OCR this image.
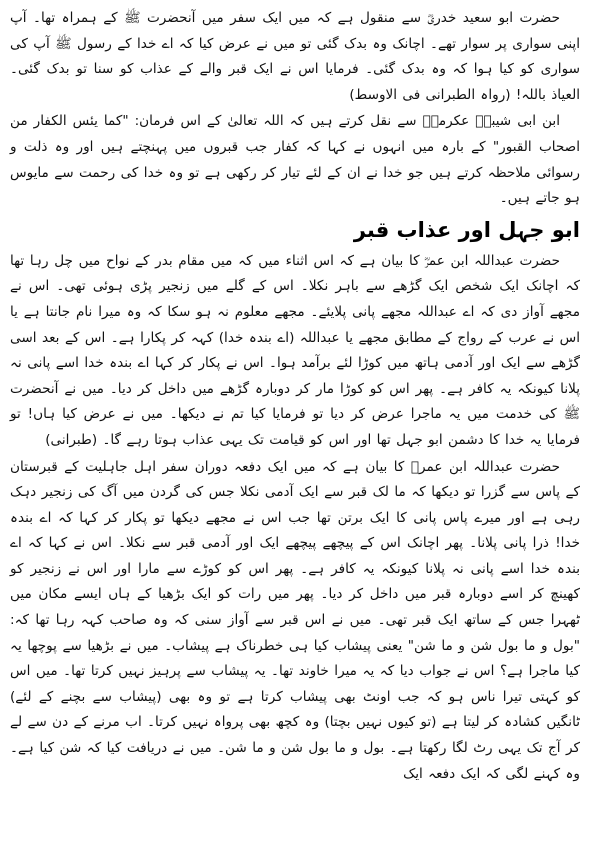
حضرت ابو سعید خدریؓ سے منقول ہے کہ میں ایک سفر میں آنحضرت ﷺ کے ہمراہ تھا۔ آپ اپنی سواری پر سوار تھے۔ اچانک وہ بدک گئی تو میں نے عرض کیا کہ اے خدا کے رسول ﷺ آپ کی سواری کو کیا ہوا کہ وہ بدک گئی۔ فرمایا اس نے ایک قبر والے کے عذاب کو سنا تو بدک گئی۔ العیاذ باللہ! (رواہ الطبرانی فی الاوسط)

ابن ابی شیبہؒ عکرمہؒ سے نقل کرتے ہیں کہ اللہ تعالیٰ کے اس فرمان: "کما یئس الکفار من اصحاب القبور" کے بارہ میں انہوں نے کہا کہ کفار جب قبروں میں پہنچتے ہیں اور وہ ذلت و رسوائی ملاحظہ کرتے ہیں جو خدا نے ان کے لئے تیار کر رکھی ہے تو وہ خدا کی رحمت سے مایوس ہو جاتے ہیں۔

ابو جہل اور عذاب قبر

حضرت عبداللہ ابن عمرؓ کا بیان ہے کہ اس اثناء میں کہ میں مقام بدر کے نواح میں چل رہا تھا کہ اچانک ایک شخص ایک گڑھے سے باہر نکلا۔ اس کے گلے میں زنجیر پڑی ہوئی تھی۔ اس نے مجھے آواز دی کہ اے عبداللہ مجھے پانی پلایئے۔ مجھے معلوم نہ ہو سکا کہ وہ میرا نام جانتا ہے یا اس نے عرب کے رواج کے مطابق مجھے یا عبداللہ (اے بندہ خدا) کہہ کر پکارا ہے۔ اس کے بعد اسی گڑھے سے ایک اور آدمی ہاتھ میں کوڑا لئے برآمد ہوا۔ اس نے پکار کر کہا اے بندہ خدا اسے پانی نہ پلانا کیونکہ یہ کافر ہے۔ پھر اس کو کوڑا مار کر دوبارہ گڑھے میں داخل کر دیا۔ میں نے آنحضرت ﷺ کی خدمت میں یہ ماجرا عرض کر دیا تو فرمایا کیا تم نے دیکھا۔ میں نے عرض کیا ہاں! تو فرمایا یہ خدا کا دشمن ابو جہل تھا اور اس کو قیامت تک یہی عذاب ہوتا رہے گا۔ (طبرانی)

حضرت عبداللہ ابن عمرؓ کا بیان ہے کہ میں ایک دفعہ دوران سفر اہل جاہلیت کے قبرستان کے پاس سے گزرا تو دیکھا کہ ما لک قبر سے ایک آدمی نکلا جس کی گردن میں آگ کی زنجیر دہک رہی ہے اور میرے پاس پانی کا ایک برتن تھا جب اس نے مجھے دیکھا تو پکار کر کہا کہ اے بندہ خدا! ذرا پانی پلانا۔ پھر اچانک اس کے پیچھے پیچھے ایک اور آدمی قبر سے نکلا۔ اس نے کہا کہ اے بندہ خدا اسے پانی نہ پلانا کیونکہ یہ کافر ہے۔ پھر اس کو کوڑے سے مارا اور اس نے زنجیر کو کھینچ کر اسے دوبارہ قبر میں داخل کر دیا۔ پھر میں رات کو ایک بڑھیا کے ہاں ایسے مکان میں ٹھہرا جس کے ساتھ ایک قبر تھی۔ میں نے اس قبر سے آواز سنی کہ وہ صاحب کہہ رہا تھا کہ: "بول و ما بول شن و ما شن" یعنی پیشاب کیا ہی خطرناک ہے پیشاب۔ میں نے بڑھیا سے پوچھا یہ کیا ماجرا ہے؟ اس نے جواب دیا کہ یہ میرا خاوند تھا۔ یہ پیشاب سے پرہیز نہیں کرتا تھا۔ میں اس کو کہتی تیرا ناس ہو کہ جب اونٹ بھی پیشاب کرتا ہے تو وہ بھی (پیشاب سے بچنے کے لئے) ٹانگیں کشادہ کر لیتا ہے (تو کیوں نہیں بچتا) وہ کچھ بھی پرواہ نہیں کرتا۔ اب مرنے کے دن سے لے کر آج تک یہی رٹ لگا رکھتا ہے۔ بول و ما بول شن و ما شن۔ میں نے دریافت کیا کہ شن کیا ہے۔ وہ کہنے لگی کہ ایک دفعہ ایک
